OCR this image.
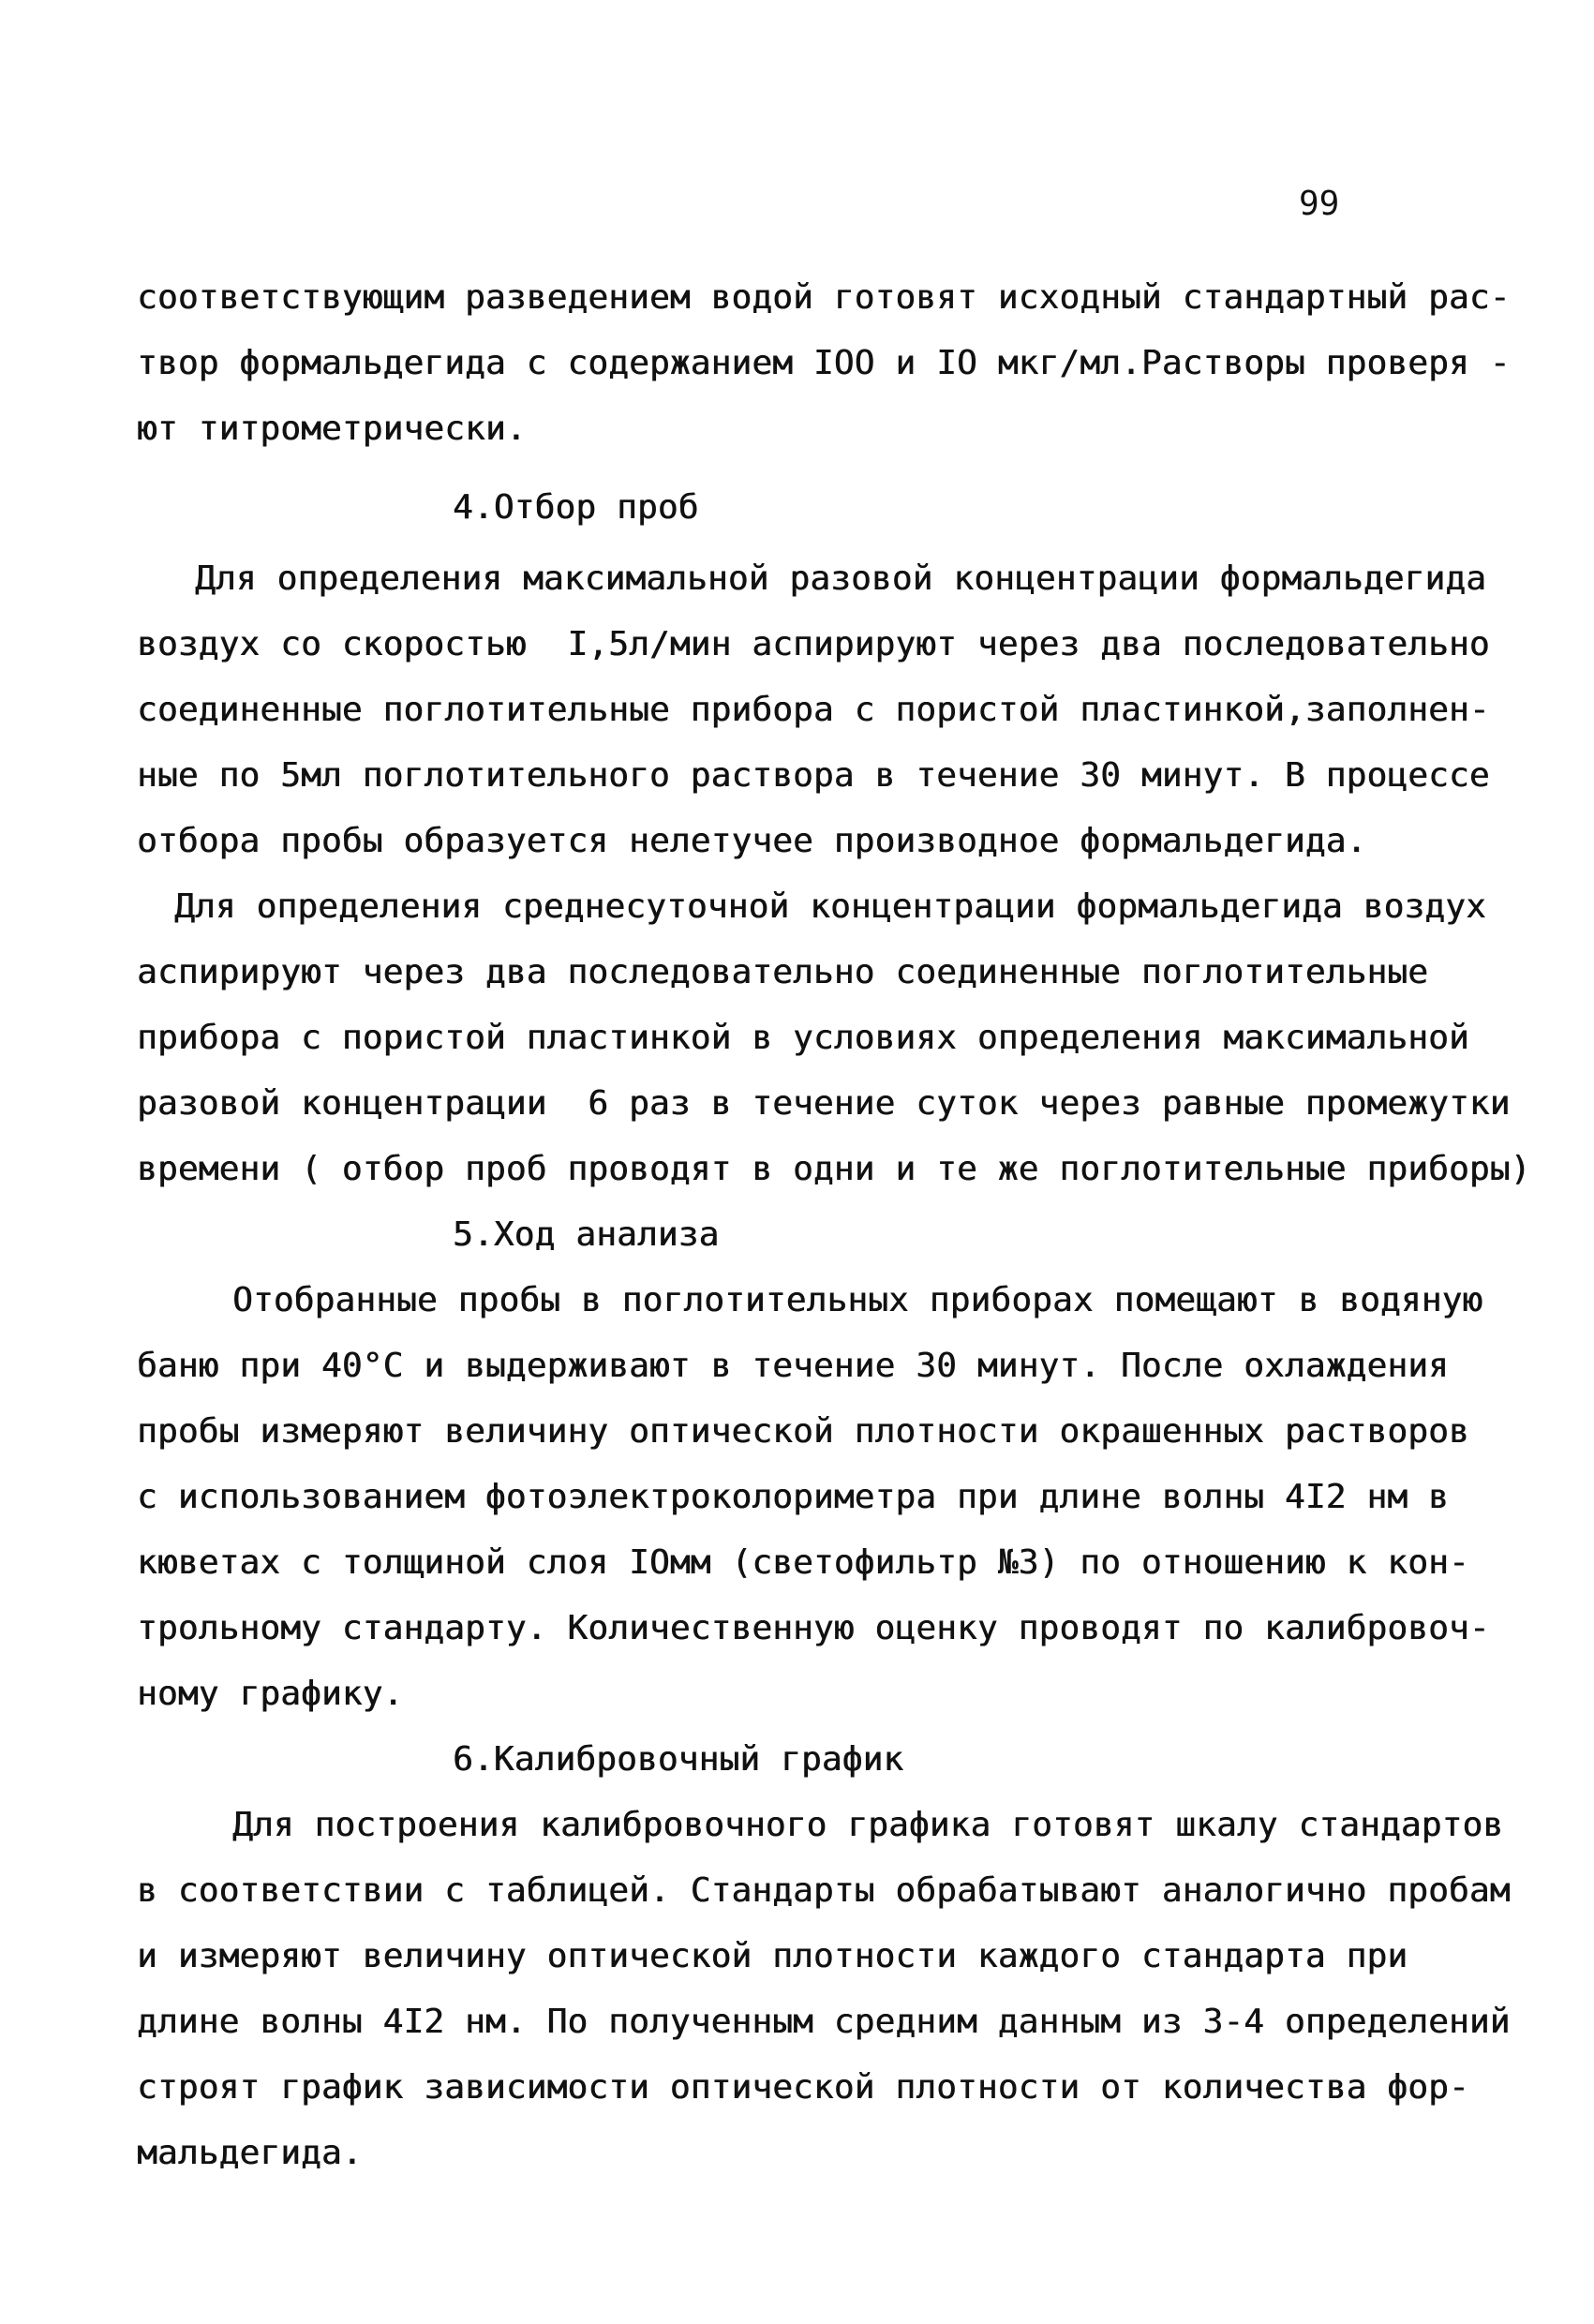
99
соответствующим разведением водой готовят исходный стандартный рас-
твор формальдегида с содержанием IOO и IO мкг/мл.Растворы проверя -
ют титрометрически.
4.Отбор проб
Для определения максимальной разовой концентрации формальдегида
воздух со скоростью  I,5л/мин аспирируют через два последовательно
соединенные поглотительные прибора с пористой пластинкой,заполнен-
ные по 5мл поглотительного раствора в течение 30 минут. В процессе
отбора пробы образуется нелетучее производное формальдегида.
Для определения среднесуточной концентрации формальдегида воздух
аспирируют через два последовательно соединенные поглотительные
прибора с пористой пластинкой в условиях определения максимальной
разовой концентрации  6 раз в течение суток через равные промежутки
времени ( отбор проб проводят в одни и те же поглотительные приборы)
5.Ход анализа
Отобранные пробы в поглотительных приборах помещают в водяную
баню при 40°С и выдерживают в течение 30 минут. После охлаждения
пробы измеряют величину оптической плотности окрашенных растворов
с использованием фотоэлектроколориметра при длине волны 4I2 нм в
кюветах с толщиной слоя IOмм (светофильтр №3) по отношению к кон-
трольному стандарту. Количественную оценку проводят по калибровоч-
ному графику.
6.Калибровочный график
Для построения калибровочного графика готовят шкалу стандартов
в соответствии с таблицей. Стандарты обрабатывают аналогично пробам
и измеряют величину оптической плотности каждого стандарта при
длине волны 4I2 нм. По полученным средним данным из 3-4 определений
строят график зависимости оптической плотности от количества фор-
мальдегида.
